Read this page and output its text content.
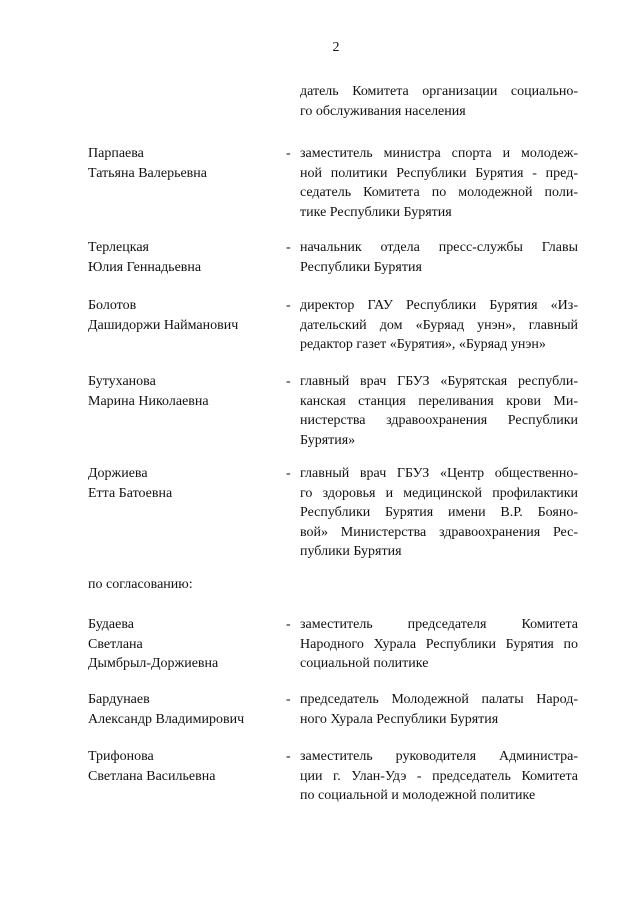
2
датель Комитета организации социально-
го обслуживания населения
Парпаева
Татьяна Валерьевна
- заместитель министра спорта и молодеж-
ной политики Республики Бурятия - пред-
седатель Комитета по молодежной поли-
тике Республики Бурятия
Терлецкая
Юлия Геннадьевна
- начальник отдела пресс-службы Главы
Республики Бурятия
Болотов
Дашидоржи Найманович
- директор ГАУ Республики Бурятия «Из-
дательский дом «Буряад унэн», главный
редактор газет «Бурятия», «Буряад унэн»
Бутуханова
Марина Николаевна
- главный врач ГБУЗ «Бурятская республи-
канская станция переливания крови Ми-
нистерства здравоохранения Республики
Бурятия»
Доржиева
Етта Батоевна
- главный врач ГБУЗ «Центр общественно-
го здоровья и медицинской профилактики
Республики Бурятия имени В.Р. Бояно-
вой» Министерства здравоохранения Рес-
публики Бурятия
по согласованию:
Будаева
Светлана
Дымбрыл-Доржиевна
- заместитель председателя Комитета
Народного Хурала Республики Бурятия по
социальной политике
Бардунаев
Александр Владимирович
- председатель Молодежной палаты Народ-
ного Хурала Республики Бурятия
Трифонова
Светлана Васильевна
- заместитель руководителя Администра-
ции г. Улан-Удэ - председатель Комитета
по социальной и молодежной политике
